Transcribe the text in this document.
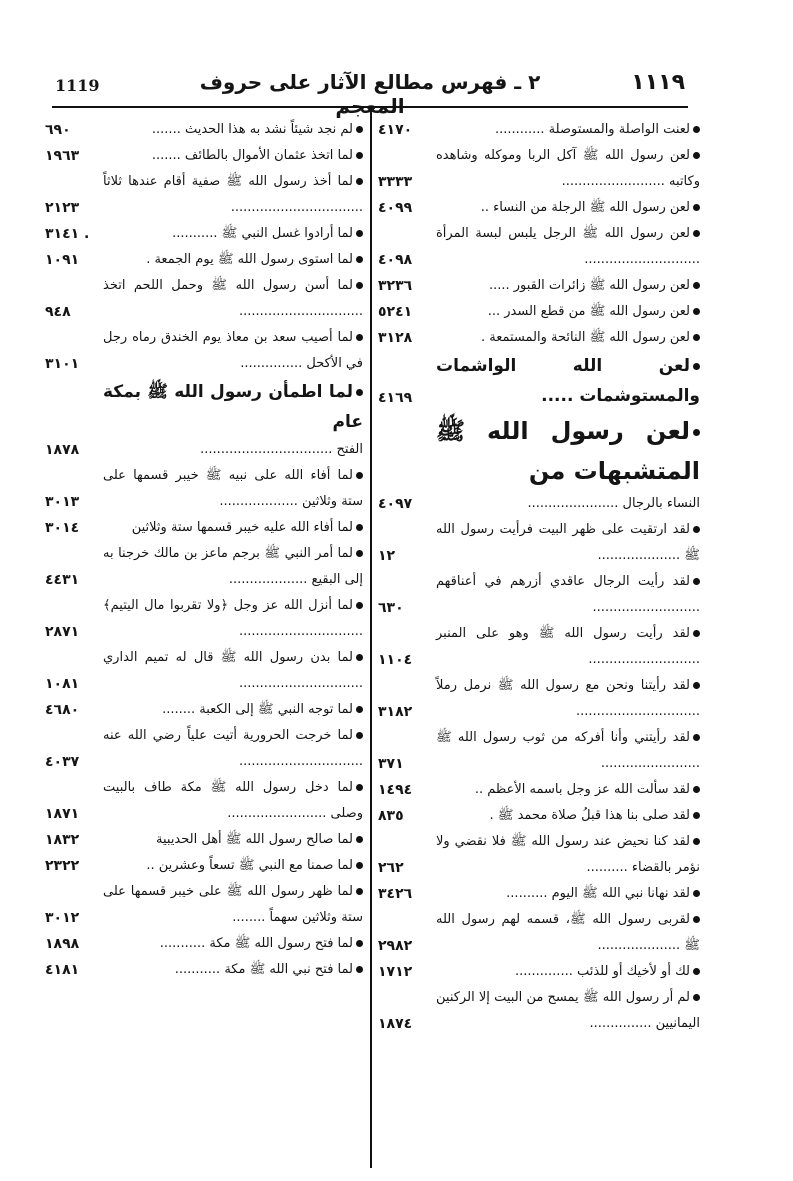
1119	٢ ـ فهرس مطالع الآثار على حروف المعجم
١١١٩
لعنت الواصلة والمستوصلة ............
٤١٧٠
لعن رسول الله ﷺ آكل الربا وموكله وشاهده وكاتبه .........................
٣٣٣٣
لعن رسول الله ﷺ الرجلة من النساء ..
٤٠٩٩
لعن رسول الله ﷺ الرجل يلبس لبسة المرأة ............................
٤٠٩٨
لعن رسول الله ﷺ زائرات القبور .....
٣٢٣٦
لعن رسول الله ﷺ من قطع السدر ...
٥٢٤١
لعن رسول الله ﷺ النائحة والمستمعة .
٣١٢٨
لعن الله الواشمات والمستوشمات .....
٤١٦٩
لعن رسول الله ﷺ المتشبهات من
النساء بالرجال ......................
٤٠٩٧
لقد ارتقيت على ظهر البيت فرأيت رسول الله ﷺ ....................
١٢
لقد رأيت الرجال عاقدي أزرهم في أعناقهم ..........................
٦٣٠
لقد رأيت رسول الله ﷺ وهو على المنبر ...........................
١١٠٤
لقد رأيتنا ونحن مع رسول الله ﷺ نرمل رملاً ..............................
٣١٨٢
لقد رأيتني وأنا أفركه من ثوب رسول الله ﷺ ........................
٣٧١
لقد سألت الله عز وجل باسمه الأعظم ..
١٤٩٤
لقد صلى بنا هذا قبلُ صلاة محمد ﷺ .
٨٣٥
لقد كنا نحيض عند رسول الله ﷺ فلا نقضي ولا نؤمر بالقضاء ..........
٢٦٢
لقد نهانا نبي الله ﷺ اليوم ..........
٣٤٢٦
لقربى رسول الله ﷺ، قسمه لهم رسول الله ﷺ ....................
٢٩٨٢
لك أو لأخيك أو للذئب ..............
١٧١٢
لم أر رسول الله ﷺ يمسح من البيت إلا الركنين اليمانيين ...............
١٨٧٤
لم نجد شيئاً نشد به هذا الحديث .......
٦٩٠
لما اتخذ عثمان الأموال بالطائف .......
١٩٦٣
لما أخذ رسول الله ﷺ صفية أقام عندها ثلاثاً ................................
٢١٢٣
لما أرادوا غسل النبي ﷺ ...........
٣١٤١ .
لما استوى رسول الله ﷺ يوم الجمعة .
١٠٩١
لما أسن رسول الله ﷺ وحمل اللحم اتخذ ..............................
٩٤٨
لما أصيب سعد بن معاذ يوم الخندق رماه رجل في الأكحل ...............
٣١٠١
لما اطمأن رسول الله ﷺ بمكة عام
الفتح ................................
١٨٧٨
لما أفاء الله على نبيه ﷺ خيبر قسمها على ستة وثلاثين ...................
٣٠١٣
لما أفاء الله عليه خيبر قسمها ستة وثلاثين
٣٠١٤
لما أمر النبي ﷺ برجم ماعز بن مالك خرجنا به إلى البقيع ...................
٤٤٣١
لما أنزل الله عز وجل ﴿ولا تقربوا مال اليتيم﴾ ..............................
٢٨٧١
لما بدن رسول الله ﷺ قال له تميم الداري ..............................
١٠٨١
لما توجه النبي ﷺ إلى الكعبة ........
٤٦٨٠
لما خرجت الحرورية أتيت علياً رضي الله عنه ..............................
٤٠٣٧
لما دخل رسول الله ﷺ مكة طاف بالبيت وصلى ........................
١٨٧١
لما صالح رسول الله ﷺ أهل الحديبية
١٨٣٢
لما صمنا مع النبي ﷺ تسعاً وعشرين ..
٢٣٢٢
لما ظهر رسول الله ﷺ على خيبر قسمها على ستة وثلاثين سهماً ........
٣٠١٢
لما فتح رسول الله ﷺ مكة ...........
١٨٩٨
لما فتح نبي الله ﷺ مكة ...........
٤١٨١
